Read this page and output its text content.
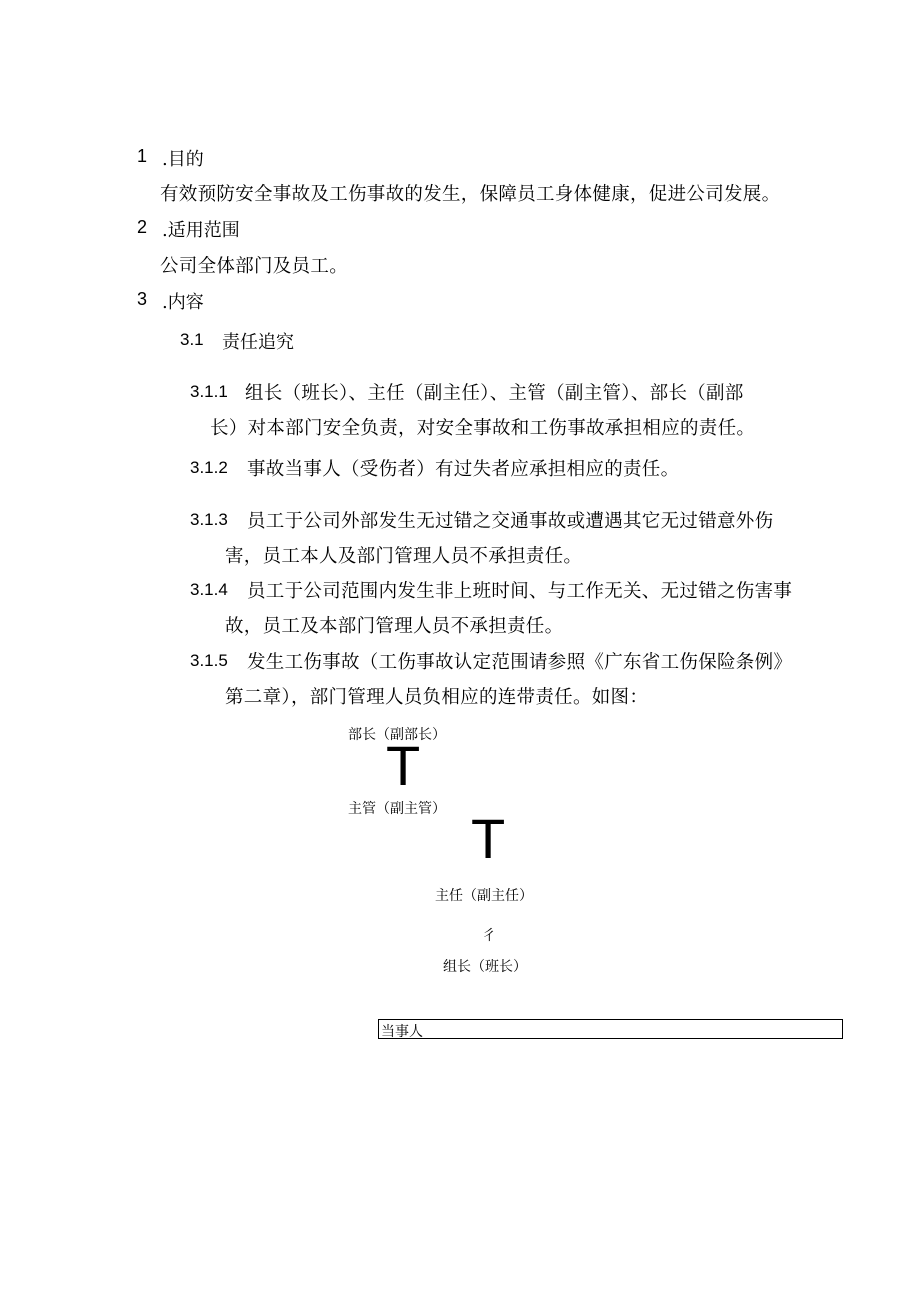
1 .目的
有效预防安全事故及工伤事故的发生，保障员工身体健康，促进公司发展。
2 .适用范围
公司全体部门及员工。
3 .内容
3.1 责任追究
3.1.1 组长（班长）、主任（副主任）、主管（副主管）、部长（副部
长）对本部门安全负责，对安全事故和工伤事故承担相应的责任。
3.1.2 事故当事人（受伤者）有过失者应承担相应的责任。
3.1.3 员工于公司外部发生无过错之交通事故或遭遇其它无过错意外伤
害，员工本人及部门管理人员不承担责任。
3.1.4 员工于公司范围内发生非上班时间、与工作无关、无过错之伤害事
故，员工及本部门管理人员不承担责任。
3.1.5 发生工伤事故（工伤事故认定范围请参照《广东省工伤保险条例》
第二章），部门管理人员负相应的连带责任。如图：
部长（副部长）
T
主管（副主管） T
主任（副主任）
彳
组长（班长）
当事人
